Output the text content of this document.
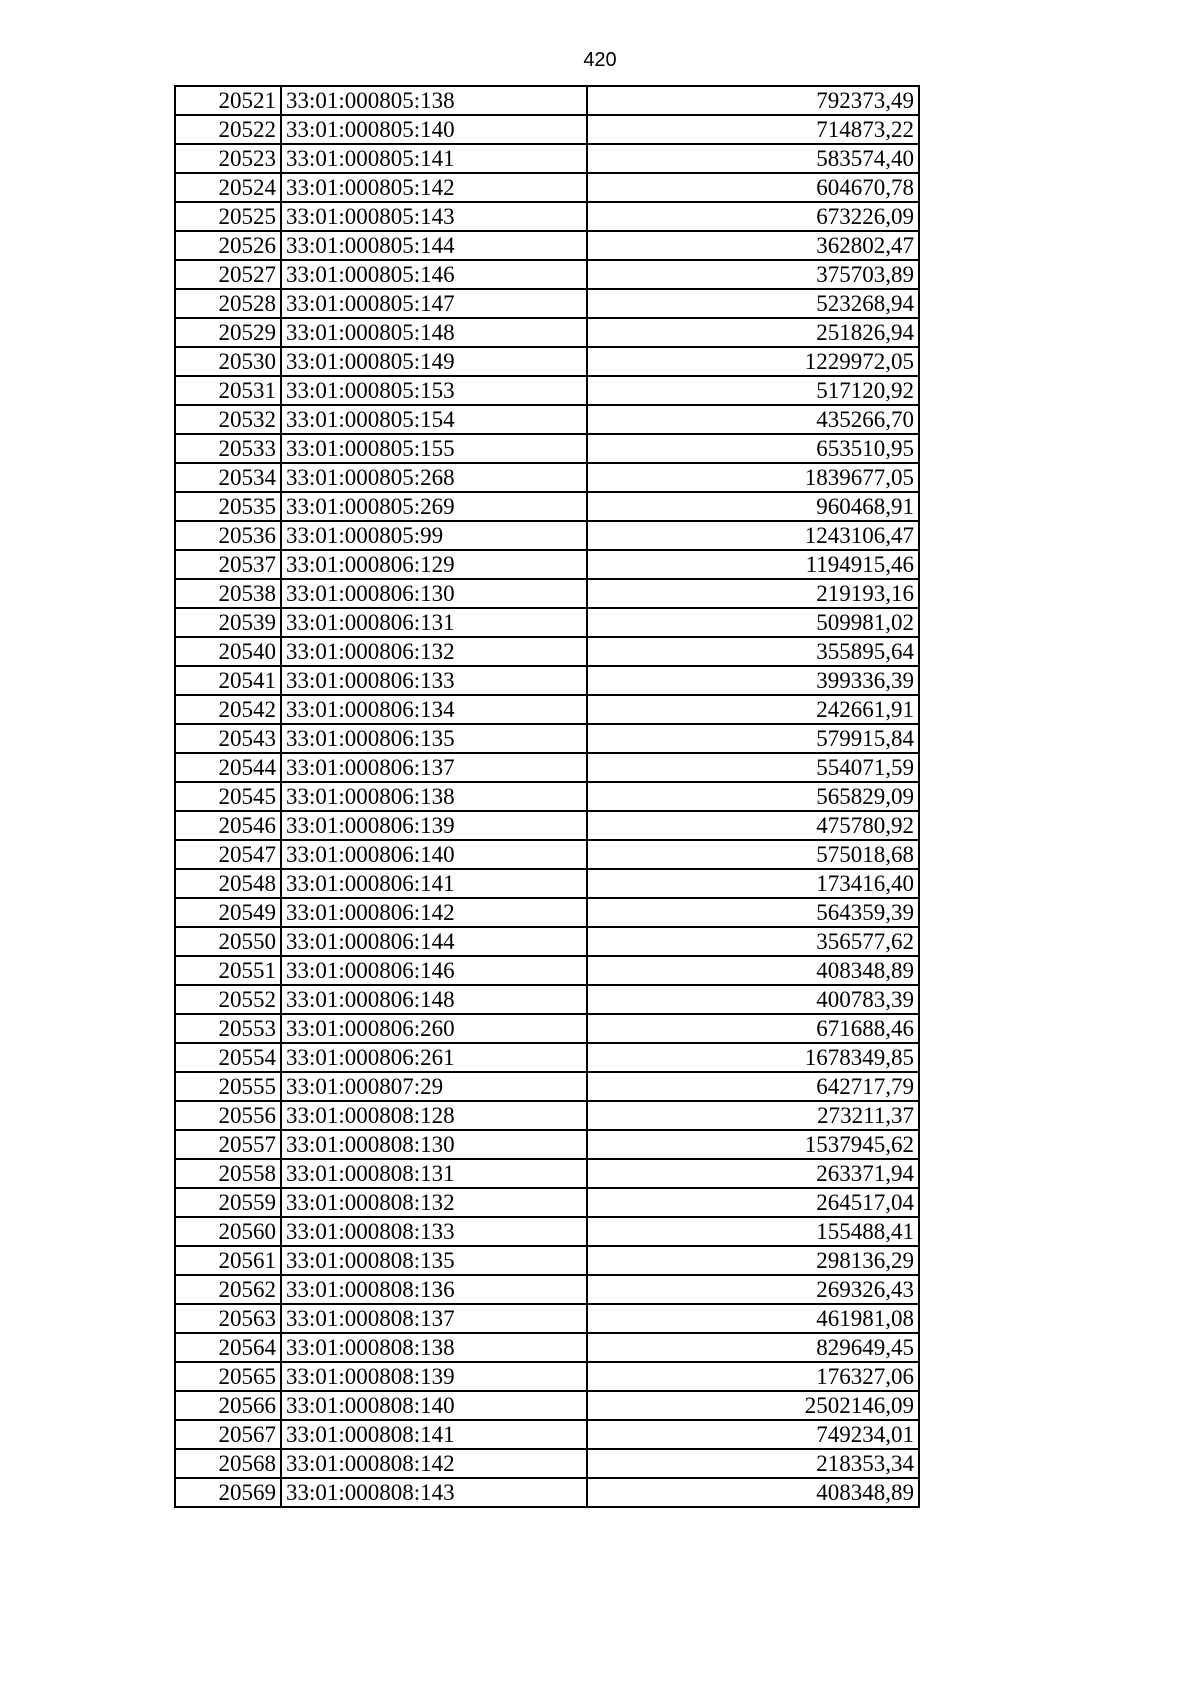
420
20521	33:01:000805:138	792373,49
20522	33:01:000805:140	714873,22
20523	33:01:000805:141	583574,40
20524	33:01:000805:142	604670,78
20525	33:01:000805:143	673226,09
20526	33:01:000805:144	362802,47
20527	33:01:000805:146	375703,89
20528	33:01:000805:147	523268,94
20529	33:01:000805:148	251826,94
20530	33:01:000805:149	1229972,05
20531	33:01:000805:153	517120,92
20532	33:01:000805:154	435266,70
20533	33:01:000805:155	653510,95
20534	33:01:000805:268	1839677,05
20535	33:01:000805:269	960468,91
20536	33:01:000805:99	1243106,47
20537	33:01:000806:129	1194915,46
20538	33:01:000806:130	219193,16
20539	33:01:000806:131	509981,02
20540	33:01:000806:132	355895,64
20541	33:01:000806:133	399336,39
20542	33:01:000806:134	242661,91
20543	33:01:000806:135	579915,84
20544	33:01:000806:137	554071,59
20545	33:01:000806:138	565829,09
20546	33:01:000806:139	475780,92
20547	33:01:000806:140	575018,68
20548	33:01:000806:141	173416,40
20549	33:01:000806:142	564359,39
20550	33:01:000806:144	356577,62
20551	33:01:000806:146	408348,89
20552	33:01:000806:148	400783,39
20553	33:01:000806:260	671688,46
20554	33:01:000806:261	1678349,85
20555	33:01:000807:29	642717,79
20556	33:01:000808:128	273211,37
20557	33:01:000808:130	1537945,62
20558	33:01:000808:131	263371,94
20559	33:01:000808:132	264517,04
20560	33:01:000808:133	155488,41
20561	33:01:000808:135	298136,29
20562	33:01:000808:136	269326,43
20563	33:01:000808:137	461981,08
20564	33:01:000808:138	829649,45
20565	33:01:000808:139	176327,06
20566	33:01:000808:140	2502146,09
20567	33:01:000808:141	749234,01
20568	33:01:000808:142	218353,34
20569	33:01:000808:143	408348,89
